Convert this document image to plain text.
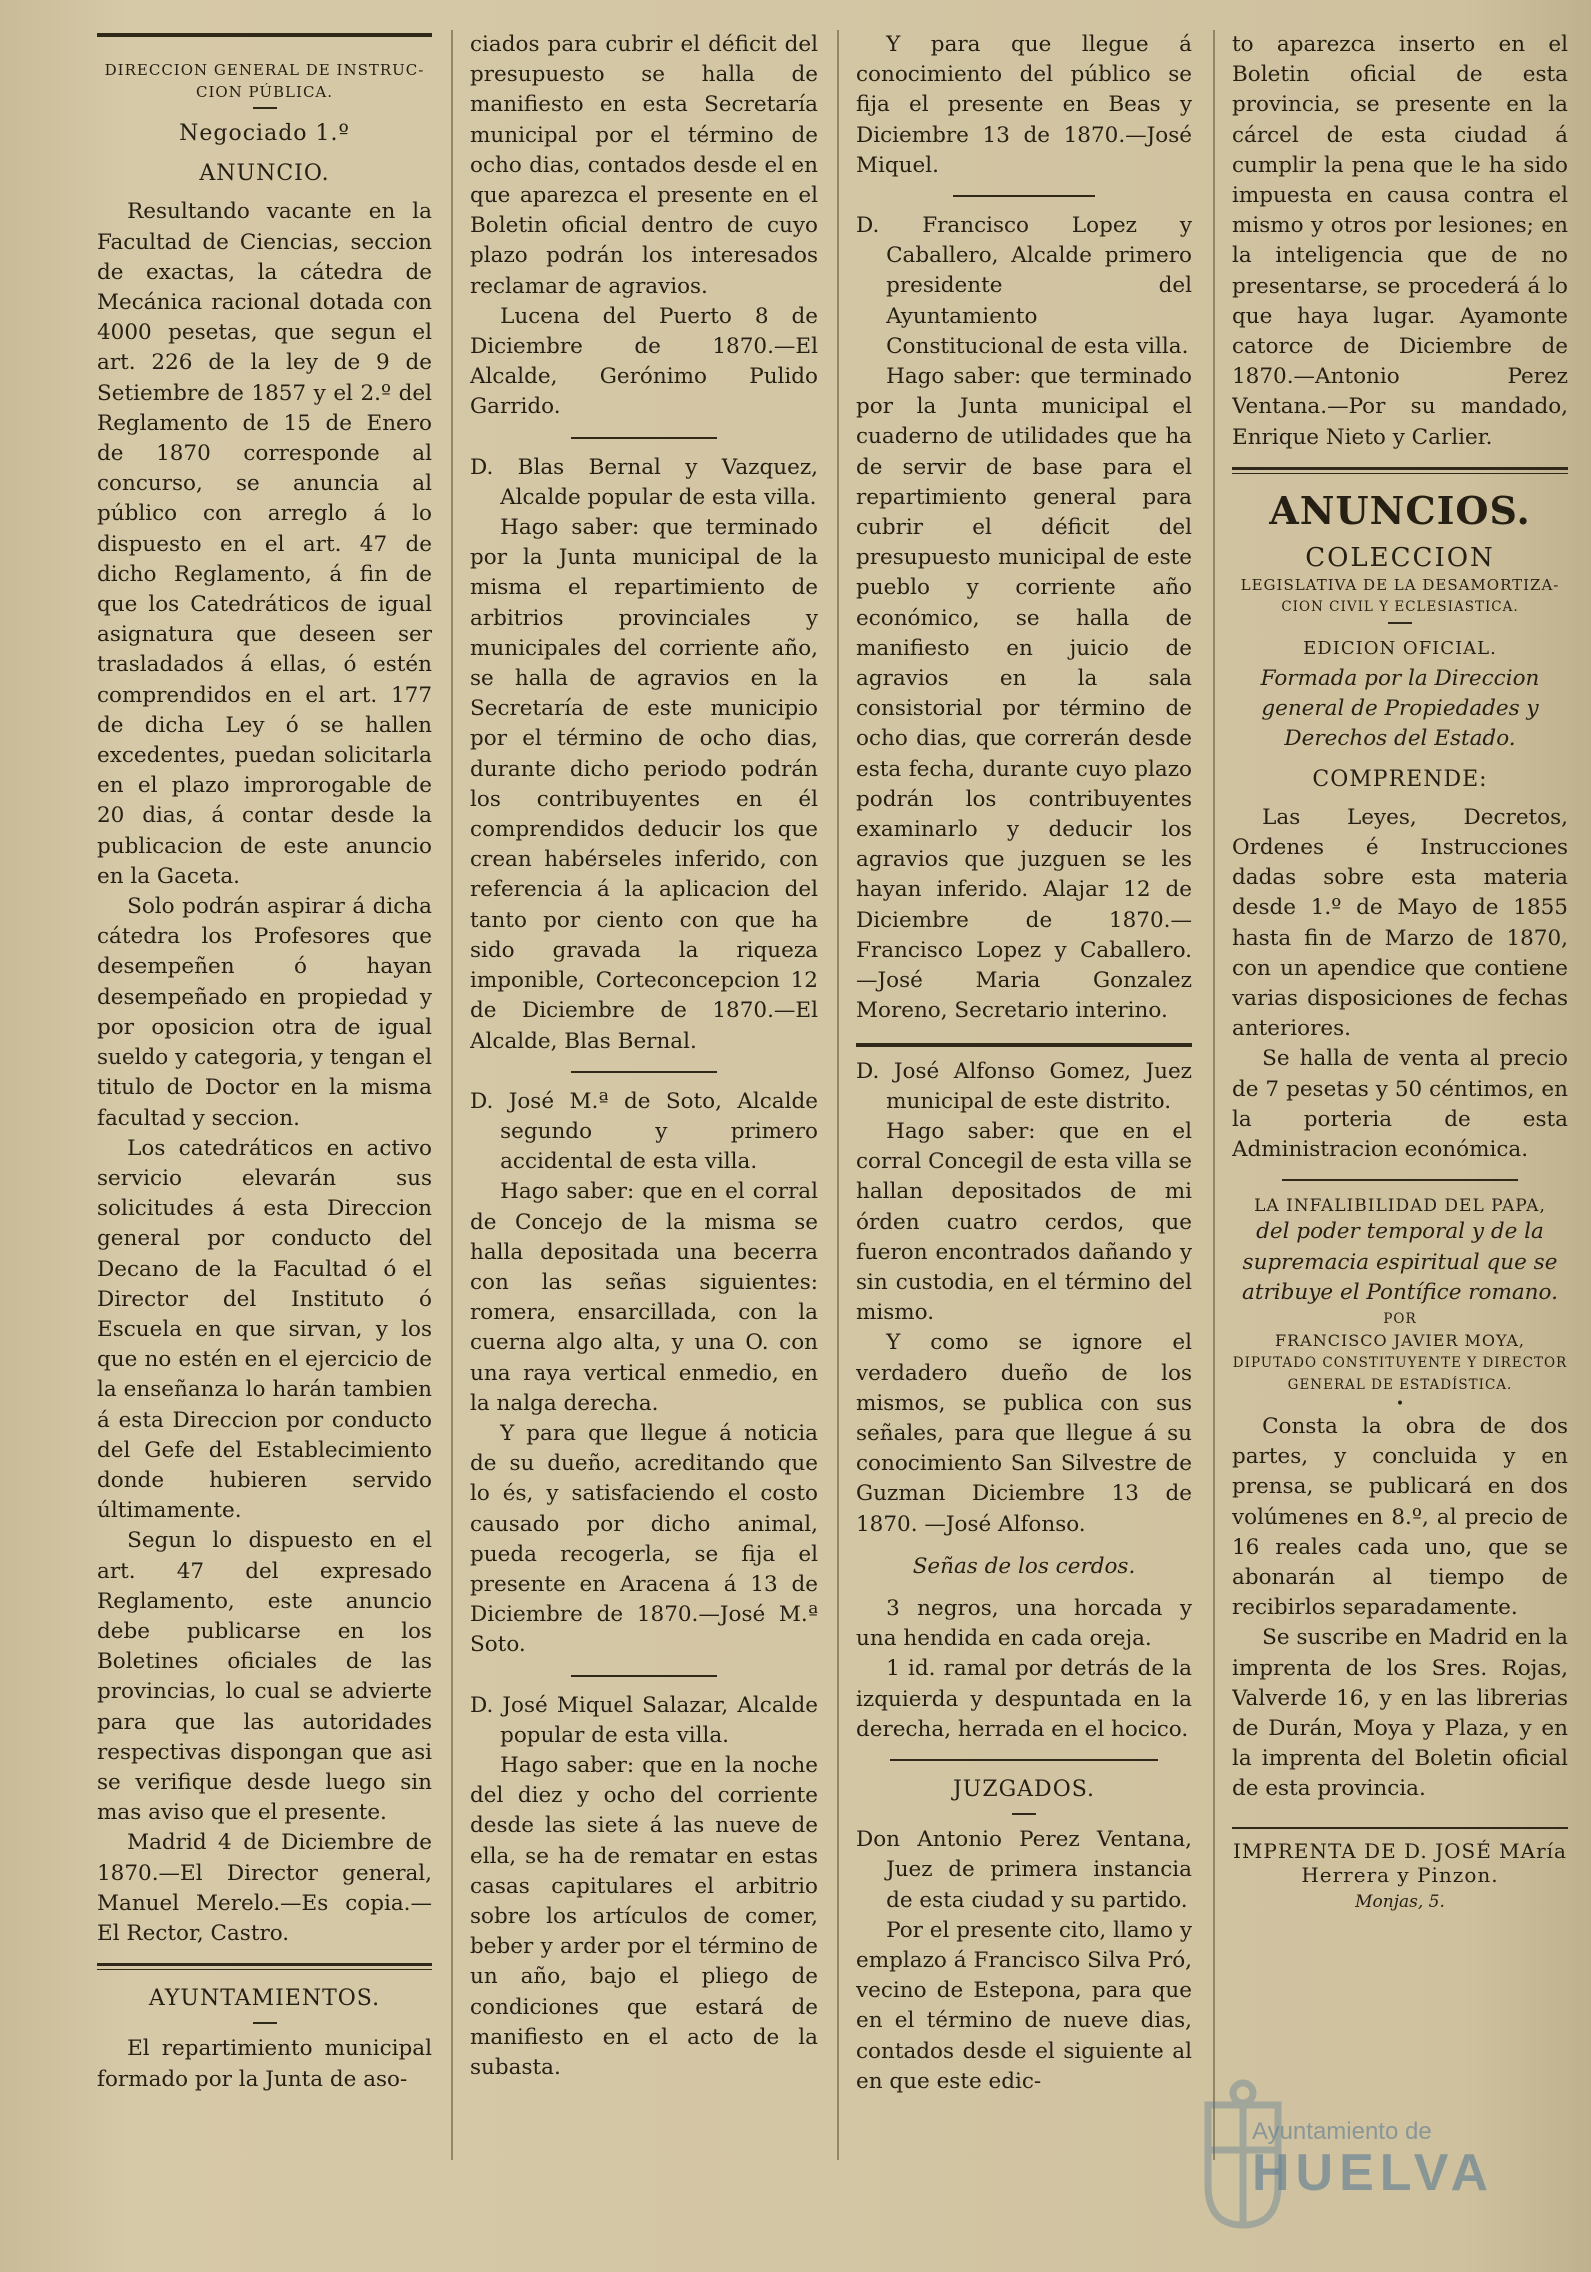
DIRECCION GENERAL DE INSTRUC-
CION PÚBLICA.
Negociado 1.º
ANUNCIO.

Resultando vacante en la Facultad de Ciencias, seccion de exactas, la cátedra de Mecánica racional dotada con 4000 pesetas, que segun el art. 226 de la ley de 9 de Setiembre de 1857 y el 2.º del Reglamento de 15 de Enero de 1870 corresponde al concurso, se anuncia al público con arreglo á lo dispuesto en el art. 47 de dicho Reglamento, á fin de que los Catedráticos de igual asignatura que deseen ser trasladados á ellas, ó estén comprendidos en el art. 177 de dicha Ley ó se hallen excedentes, puedan solicitarla en el plazo improrogable de 20 dias, á contar desde la publicacion de este anuncio en la Gaceta.

Solo podrán aspirar á dicha cátedra los Profesores que desempeñen ó hayan desempeñado en propiedad y por oposicion otra de igual sueldo y categoria, y tengan el titulo de Doctor en la misma facultad y seccion.

Los catedráticos en activo servicio elevarán sus solicitudes á esta Direccion general por conducto del Decano de la Facultad ó el Director del Instituto ó Escuela en que sirvan, y los que no estén en el ejercicio de la enseñanza lo harán tambien á esta Direccion por conducto del Gefe del Establecimiento donde hubieren servido últimamente.

Segun lo dispuesto en el art. 47 del expresado Reglamento, este anuncio debe publicarse en los Boletines oficiales de las provincias, lo cual se advierte para que las autoridades respectivas dispongan que asi se verifique desde luego sin mas aviso que el presente.

Madrid 4 de Diciembre de 1870.—El Director general, Manuel Merelo.—Es copia.— El Rector, Castro.

AYUNTAMIENTOS.

El repartimiento municipal formado por la Junta de aso-

ciados para cubrir el déficit del presupuesto se halla de manifiesto en esta Secretaría municipal por el término de ocho dias, contados desde el en que aparezca el presente en el Boletin oficial dentro de cuyo plazo podrán los interesados reclamar de agravios.

Lucena del Puerto 8 de Diciembre de 1870.—El Alcalde, Gerónimo Pulido Garrido.

D. Blas Bernal y Vazquez, Alcalde popular de esta villa.

Hago saber: que terminado por la Junta municipal de la misma el repartimiento de arbitrios provinciales y municipales del corriente año, se halla de agravios en la Secretaría de este municipio por el término de ocho dias, durante dicho periodo podrán los contribuyentes en él comprendidos deducir los que crean habérseles inferido, con referencia á la aplicacion del tanto por ciento con que ha sido gravada la riqueza imponible, Corteconcepcion 12 de Diciembre de 1870.—El Alcalde, Blas Bernal.

D. José M.ª de Soto, Alcalde segundo y primero accidental de esta villa.

Hago saber: que en el corral de Concejo de la misma se halla depositada una becerra con las señas siguientes: romera, ensarcillada, con la cuerna algo alta, y una O. con una raya vertical enmedio, en la nalga derecha.

Y para que llegue á noticia de su dueño, acreditando que lo és, y satisfaciendo el costo causado por dicho animal, pueda recogerla, se fija el presente en Aracena á 13 de Diciembre de 1870.—José M.ª Soto.

D. José Miquel Salazar, Alcalde popular de esta villa.

Hago saber: que en la noche del diez y ocho del corriente desde las siete á las nueve de ella, se ha de rematar en estas casas capitulares el arbitrio sobre los artículos de comer, beber y arder por el término de un año, bajo el pliego de condiciones que estará de manifiesto en el acto de la subasta.

Y para que llegue á conocimiento del público se fija el presente en Beas y Diciembre 13 de 1870.—José Miquel.

D. Francisco Lopez y Caballero, Alcalde primero presidente del Ayuntamiento Constitucional de esta villa.

Hago saber: que terminado por la Junta municipal el cuaderno de utilidades que ha de servir de base para el repartimiento general para cubrir el déficit del presupuesto municipal de este pueblo y corriente año económico, se halla de manifiesto en juicio de agravios en la sala consistorial por término de ocho dias, que correrán desde esta fecha, durante cuyo plazo podrán los contribuyentes examinarlo y deducir los agravios que juzguen se les hayan inferido. Alajar 12 de Diciembre de 1870.—Francisco Lopez y Caballero.—José Maria Gonzalez Moreno, Secretario interino.

D. José Alfonso Gomez, Juez municipal de este distrito.

Hago saber: que en el corral Concegil de esta villa se hallan depositados de mi órden cuatro cerdos, que fueron encontrados dañando y sin custodia, en el término del mismo.

Y como se ignore el verdadero dueño de los mismos, se publica con sus señales, para que llegue á su conocimiento San Silvestre de Guzman Diciembre 13 de 1870. —José Alfonso.

Señas de los cerdos.

3 negros, una horcada y una hendida en cada oreja.

1 id. ramal por detrás de la izquierda y despuntada en la derecha, herrada en el hocico.

JUZGADOS.

Don Antonio Perez Ventana, Juez de primera instancia de esta ciudad y su partido.

Por el presente cito, llamo y emplazo á Francisco Silva Pró, vecino de Estepona, para que en el término de nueve dias, contados desde el siguiente al en que este edic-

to aparezca inserto en el Boletin oficial de esta provincia, se presente en la cárcel de esta ciudad á cumplir la pena que le ha sido impuesta en causa contra el mismo y otros por lesiones; en la inteligencia que de no presentarse, se procederá á lo que haya lugar. Ayamonte catorce de Diciembre de 1870.—Antonio Perez Ventana.—Por su mandado, Enrique Nieto y Carlier.

ANUNCIOS.
COLECCION
LEGISLATIVA DE LA DESAMORTIZA-
CION CIVIL Y ECLESIASTICA.
EDICION OFICIAL.
Formada por la Direccion general de Propiedades y Derechos del Estado.
COMPRENDE:

Las Leyes, Decretos, Ordenes é Instrucciones dadas sobre esta materia desde 1.º de Mayo de 1855 hasta fin de Marzo de 1870, con un apendice que contiene varias disposiciones de fechas anteriores.

Se halla de venta al precio de 7 pesetas y 50 céntimos, en la porteria de esta Administracion económica.

LA INFALIBILIDAD DEL PAPA,
del poder temporal y de la supremacia espiritual que se atribuye el Pontífice romano.
POR
FRANCISCO JAVIER MOYA,
DIPUTADO CONSTITUYENTE Y DIRECTOR GENERAL DE ESTADÍSTICA.
•

Consta la obra de dos partes, y concluida y en prensa, se publicará en dos volúmenes en 8.º, al precio de 16 reales cada uno, que se abonarán al tiempo de recibirlos separadamente.

Se suscribe en Madrid en la imprenta de los Sres. Rojas, Valverde 16, y en las librerias de Durán, Moya y Plaza, y en la imprenta del Boletin oficial de esta provincia.

IMPRENTA DE D. JOSÉ MAría Herrera y Pinzon.
Monjas, 5.
Ayuntamiento de
HUELVA
